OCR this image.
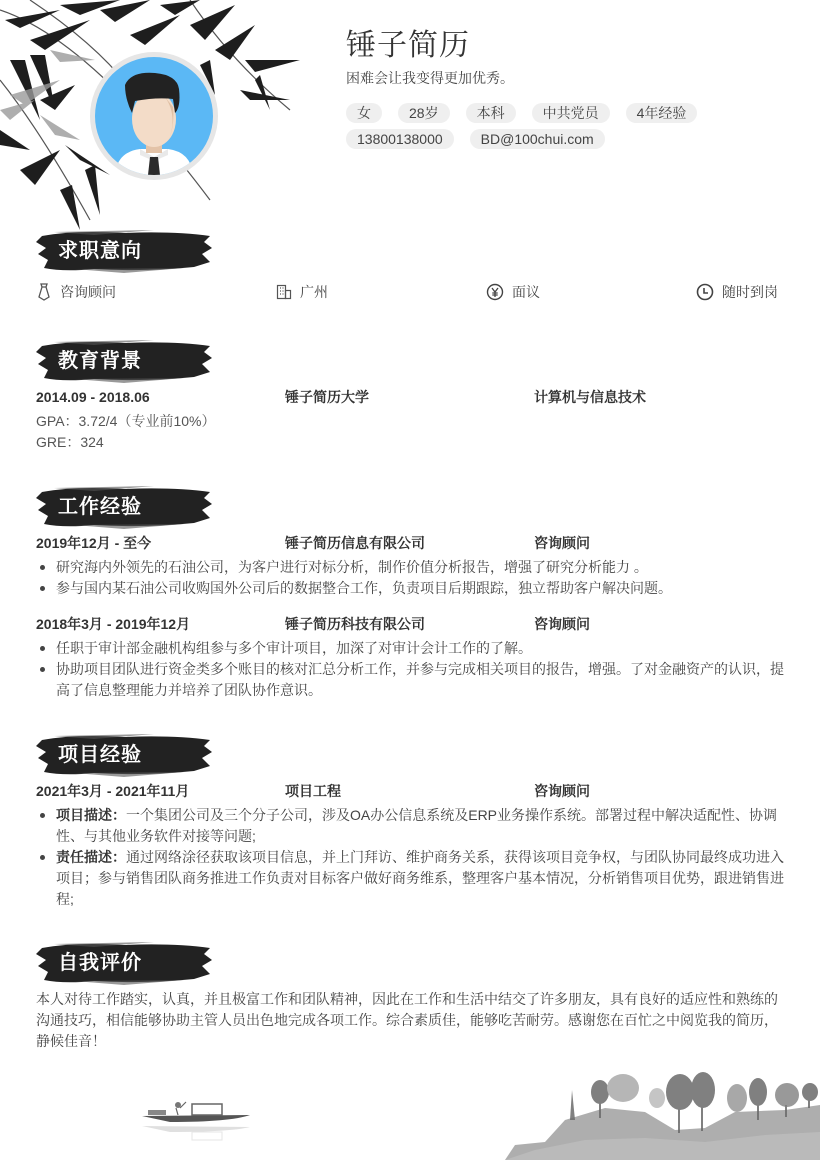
锤子简历
困难会让我变得更加优秀。
女	28岁	本科	中共党员	4年经验
13800138000	BD@100chui.com
求职意向
咨询顾问	广州	面议	随时到岗
教育背景
2014.09 - 2018.06	锤子简历大学	计算机与信息技术
GPA：3.72/4（专业前10%）
GRE：324
工作经验
2019年12月 - 至今	锤子简历信息有限公司	咨询顾问
研究海内外领先的石油公司，为客户进行对标分析，制作价值分析报告，增强了研究分析能力 。
参与国内某石油公司收购国外公司后的数据整合工作，负责项目后期跟踪，独立帮助客户解决问题。
2018年3月 - 2019年12月	锤子简历科技有限公司	咨询顾问
任职于审计部金融机构组参与多个审计项目，加深了对审计会计工作的了解。
协助项目团队进行资金类多个账目的核对汇总分析工作，并参与完成相关项目的报告，增强。了对金融资产的认识，提高了信息整理能力并培养了团队协作意识。
项目经验
2021年3月 - 2021年11月	项目工程	咨询顾问
项目描述：一个集团公司及三个分子公司，涉及OA办公信息系统及ERP业务操作系统。部署过程中解决适配性、协调性、与其他业务软件对接等问题;
责任描述：通过网络涂径获取该项目信息，并上门拜访、维护商务关系，获得该项目竞争权，与团队协同最终成功进入项目；参与销售团队商务推进工作负责对目标客户做好商务维系，整理客户基本情况，分析销售项目优势，跟进销售进程;
自我评价
本人对待工作踏实，认真，并且极富工作和团队精神，因此在工作和生活中结交了许多朋友，具有良好的适应性和熟练的沟通技巧，相信能够协助主管人员出色地完成各项工作。综合素质佳，能够吃苦耐劳。感谢您在百忙之中阅览我的简历，静候佳音！
